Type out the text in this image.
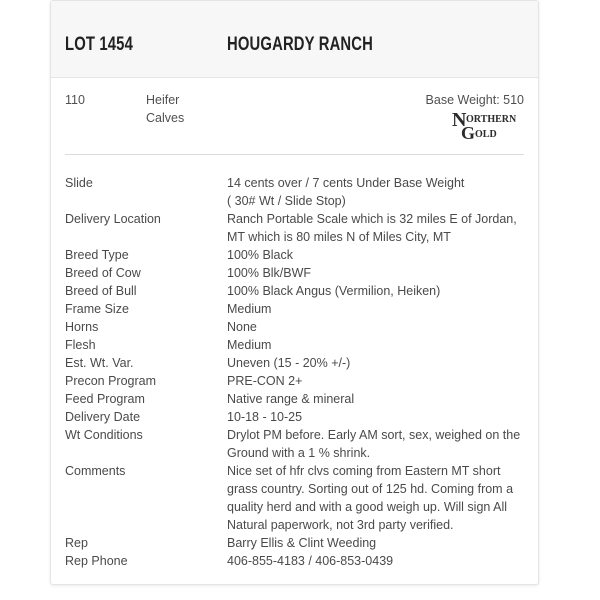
LOT 1454	HOUGARDY RANCH
110	Heifer
Calves
Base Weight: 510
N ORTHERN
G OLD
Slide	14 cents over / 7 cents Under Base Weight
( 30# Wt / Slide Stop)
Delivery Location	Ranch Portable Scale which is 32 miles E of Jordan,
MT which is 80 miles N of Miles City, MT
Breed Type	100% Black
Breed of Cow	100% Blk/BWF
Breed of Bull	100% Black Angus (Vermilion, Heiken)
Frame Size	Medium
Horns	None
Flesh	Medium
Est. Wt. Var.	Uneven (15 - 20% +/-)
Precon Program	PRE-CON 2+
Feed Program	Native range & mineral
Delivery Date	10-18 - 10-25
Wt Conditions	Drylot PM before. Early AM sort, sex, weighed on the
Ground with a 1 % shrink.
Comments	Nice set of hfr clvs coming from Eastern MT short
grass country. Sorting out of 125 hd. Coming from a
quality herd and with a good weigh up. Will sign All
Natural paperwork, not 3rd party verified.
Rep	Barry Ellis & Clint Weeding
Rep Phone	406-855-4183 / 406-853-0439
